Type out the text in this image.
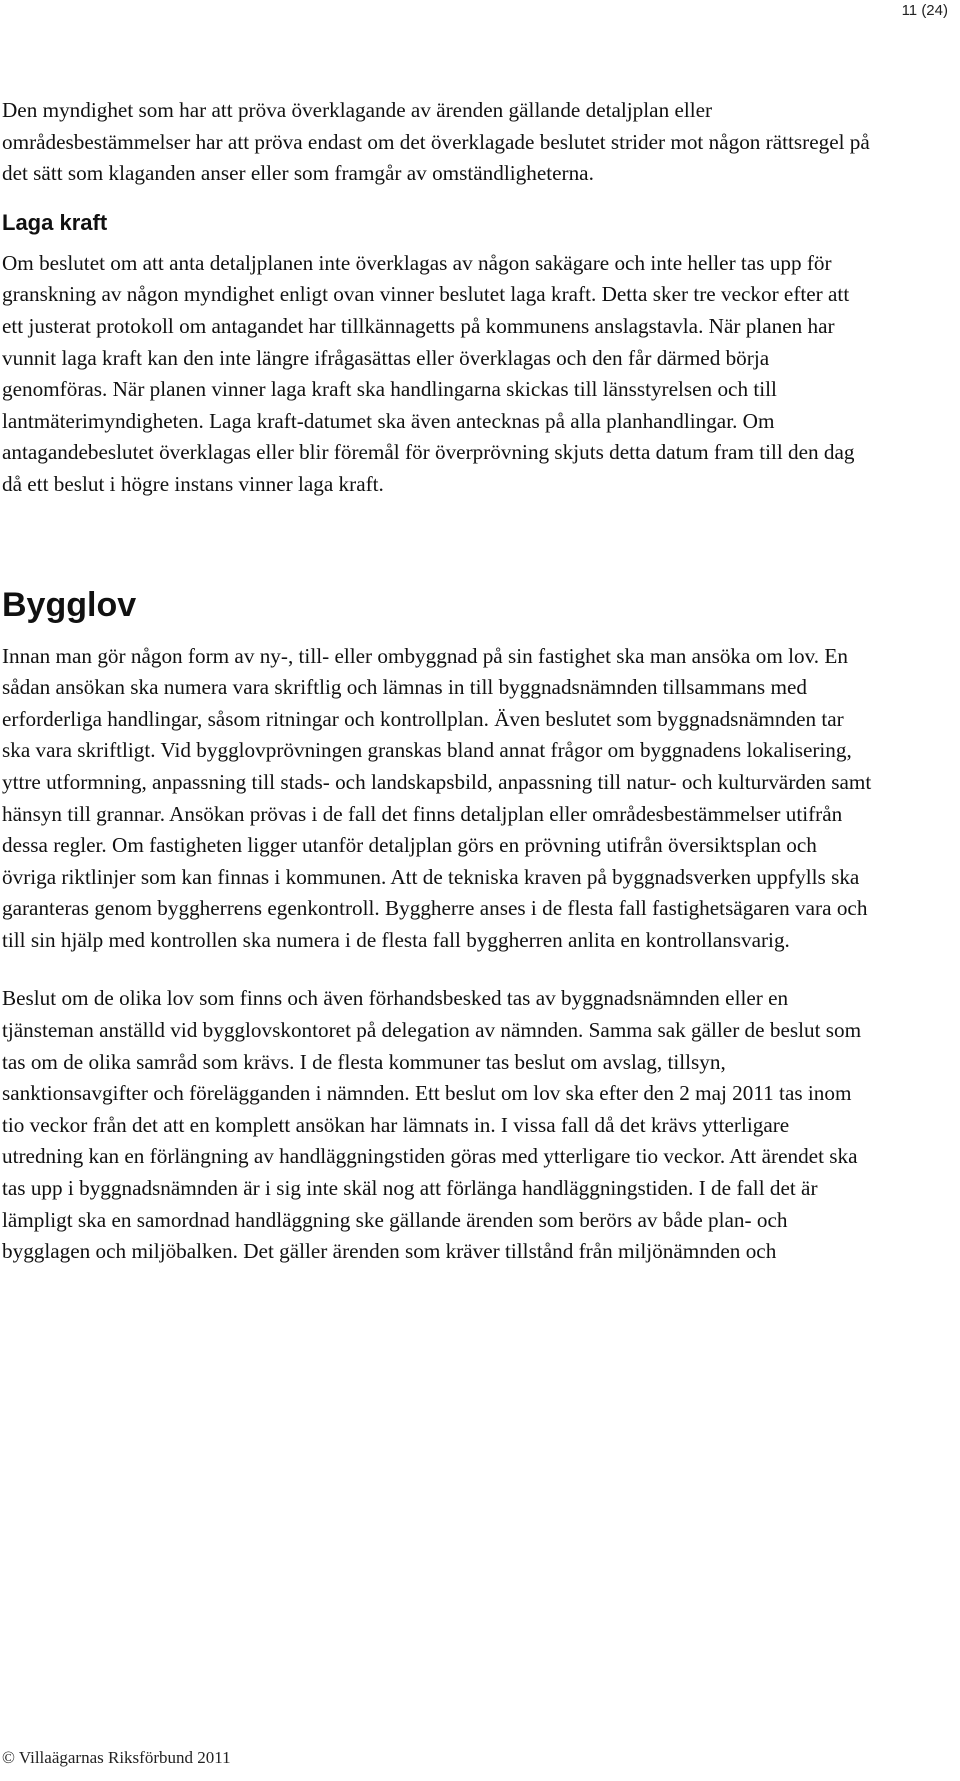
11 (24)

Den myndighet som har att pröva överklagande av ärenden gällande detaljplan eller områdesbestämmelser har att pröva endast om det överklagade beslutet strider mot någon rättsregel på det sätt som klaganden anser eller som framgår av omständligheterna.

Laga kraft

Om beslutet om att anta detaljplanen inte överklagas av någon sakägare och inte heller tas upp för granskning av någon myndighet enligt ovan vinner beslutet laga kraft. Detta sker tre veckor efter att ett justerat protokoll om antagandet har tillkännagetts på kommunens anslagstavla. När planen har vunnit laga kraft kan den inte längre ifrågasättas eller överklagas och den får därmed börja genomföras. När planen vinner laga kraft ska handlingarna skickas till länsstyrelsen och till lantmäterimyndigheten. Laga kraft-datumet ska även antecknas på alla planhandlingar. Om antagandebeslutet överklagas eller blir föremål för överprövning skjuts detta datum fram till den dag då ett beslut i högre instans vinner laga kraft.

Bygglov

Innan man gör någon form av ny-, till- eller ombyggnad på sin fastighet ska man ansöka om lov. En sådan ansökan ska numera vara skriftlig och lämnas in till byggnadsnämnden tillsammans med erforderliga handlingar, såsom ritningar och kontrollplan. Även beslutet som byggnadsnämnden tar ska vara skriftligt. Vid bygglovprövningen granskas bland annat frågor om byggnadens lokalisering, yttre utformning, anpassning till stads- och landskapsbild, anpassning till natur- och kulturvärden samt hänsyn till grannar. Ansökan prövas i de fall det finns detaljplan eller områdesbestämmelser utifrån dessa regler. Om fastigheten ligger utanför detaljplan görs en prövning utifrån översiktsplan och övriga riktlinjer som kan finnas i kommunen. Att de tekniska kraven på byggnadsverken uppfylls ska garanteras genom byggherrens egenkontroll. Byggherre anses i de flesta fall fastighetsägaren vara och till sin hjälp med kontrollen ska numera i de flesta fall byggherren anlita en kontrollansvarig.

Beslut om de olika lov som finns och även förhandsbesked tas av byggnadsnämnden eller en tjänsteman anställd vid bygglovskontoret på delegation av nämnden. Samma sak gäller de beslut som tas om de olika samråd som krävs. I de flesta kommuner tas beslut om avslag, tillsyn, sanktionsavgifter och förelägganden i nämnden. Ett beslut om lov ska efter den 2 maj 2011 tas inom tio veckor från det att en komplett ansökan har lämnats in. I vissa fall då det krävs ytterligare utredning kan en förlängning av handläggningstiden göras med ytterligare tio veckor. Att ärendet ska tas upp i byggnadsnämnden är i sig inte skäl nog att förlänga handläggningstiden. I de fall det är lämpligt ska en samordnad handläggning ske gällande ärenden som berörs av både plan- och bygglagen och miljöbalken. Det gäller ärenden som kräver tillstånd från miljönämnden och

© Villaägarnas Riksförbund 2011
